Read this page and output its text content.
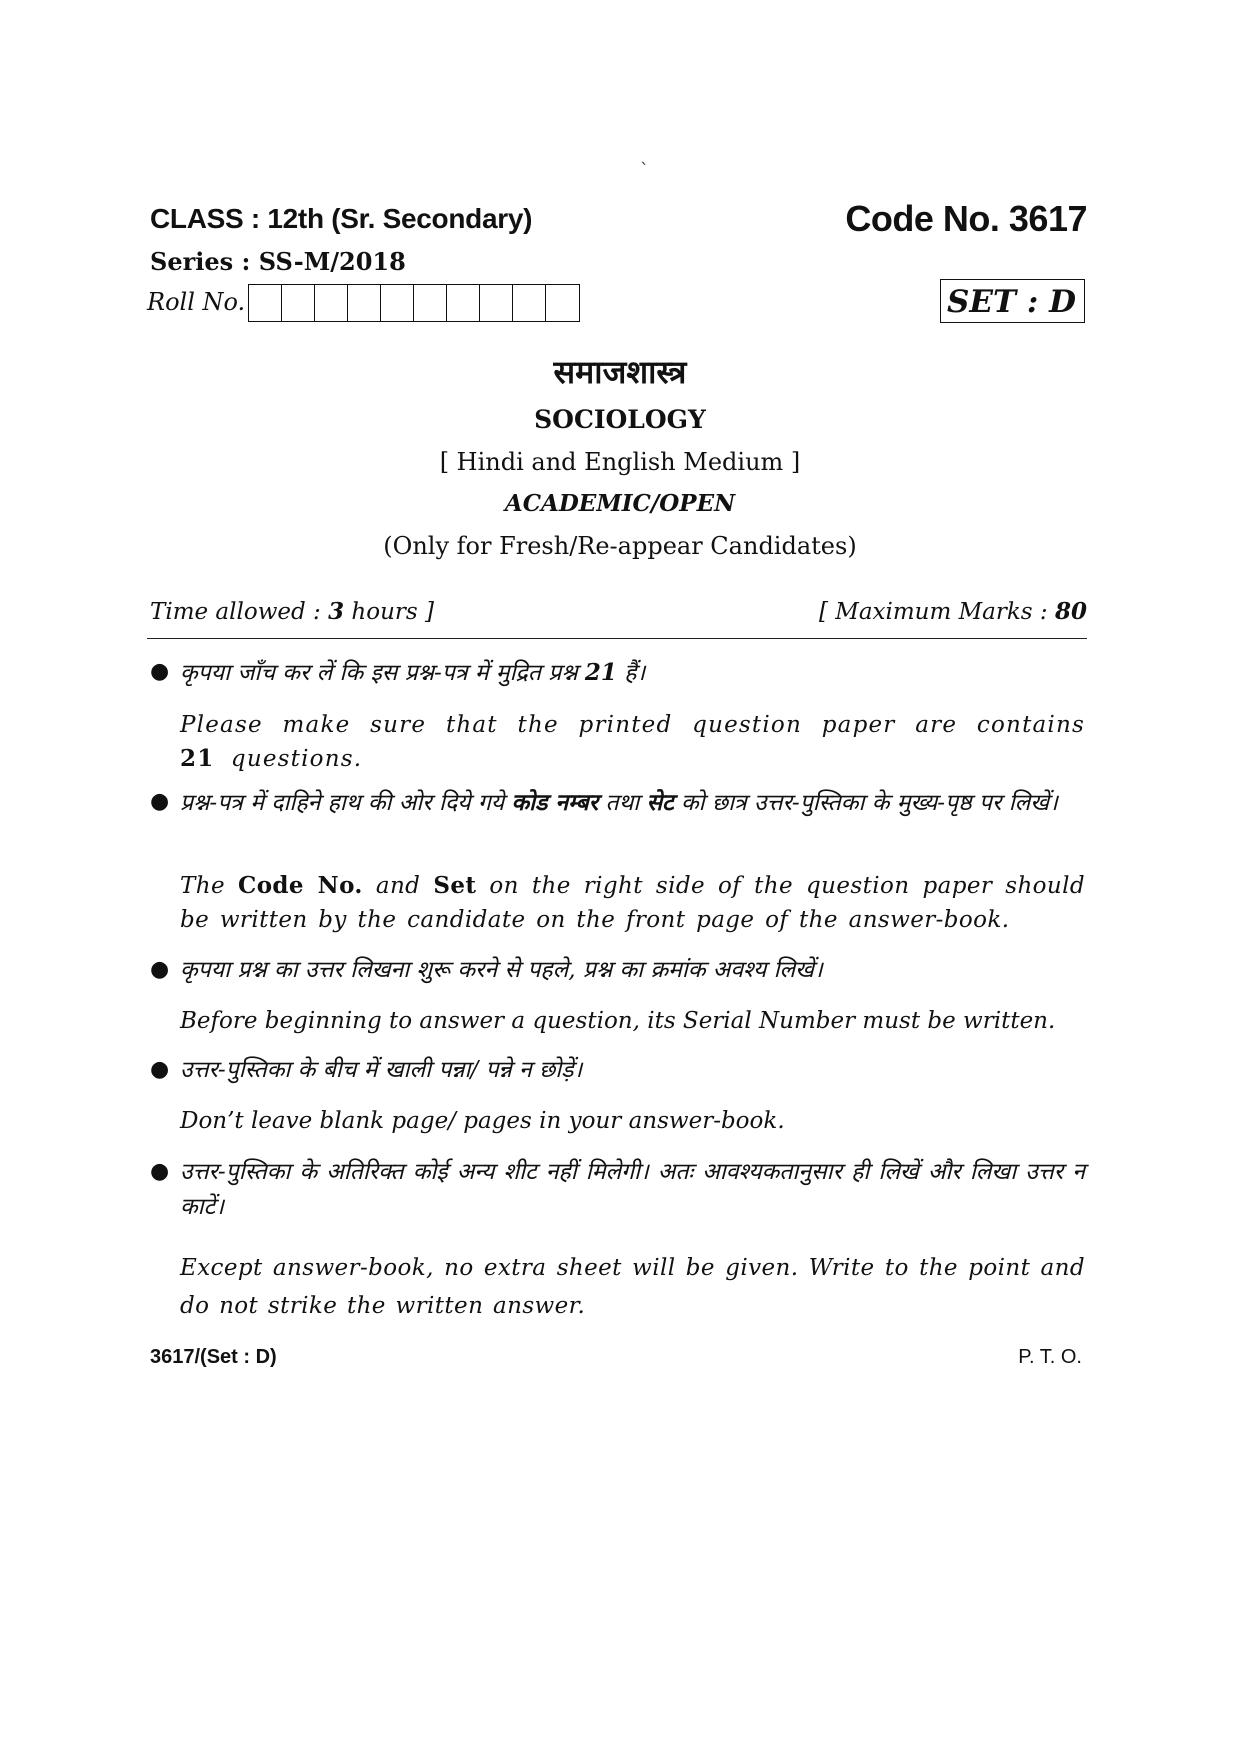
`
CLASS : 12th (Sr. Secondary)	Code No. 3617
Series : SS-M/2018
Roll No.	SET : D
समाजशास्त्र
SOCIOLOGY
[ Hindi and English Medium ]
ACADEMIC/OPEN
(Only for Fresh/Re-appear Candidates)
Time allowed : 3 hours ]	[ Maximum Marks : 80
● कृपया जाँच कर लें कि इस प्रश्न-पत्र में मुद्रित प्रश्न 21 हैं।
Please make sure that the printed question paper are contains 21 questions.
● प्रश्न-पत्र में दाहिने हाथ की ओर दिये गये कोड नम्बर तथा सेट को छात्र उत्तर-पुस्तिका के मुख्य-पृष्ठ पर लिखें।
The Code No. and Set on the right side of the question paper should be written by the candidate on the front page of the answer-book.
● कृपया प्रश्न का उत्तर लिखना शुरू करने से पहले, प्रश्न का क्रमांक अवश्य लिखें।
Before beginning to answer a question, its Serial Number must be written.
● उत्तर-पुस्तिका के बीच में खाली पन्ना/ पन्ने न छोड़ें।
Don’t leave blank page/ pages in your answer-book.
● उत्तर-पुस्तिका के अतिरिक्त कोई अन्य शीट नहीं मिलेगी। अतः आवश्यकतानुसार ही लिखें और लिखा उत्तर न काटें।
Except answer-book, no extra sheet will be given. Write to the point and do not strike the written answer.
3617/(Set : D)	P. T. O.
